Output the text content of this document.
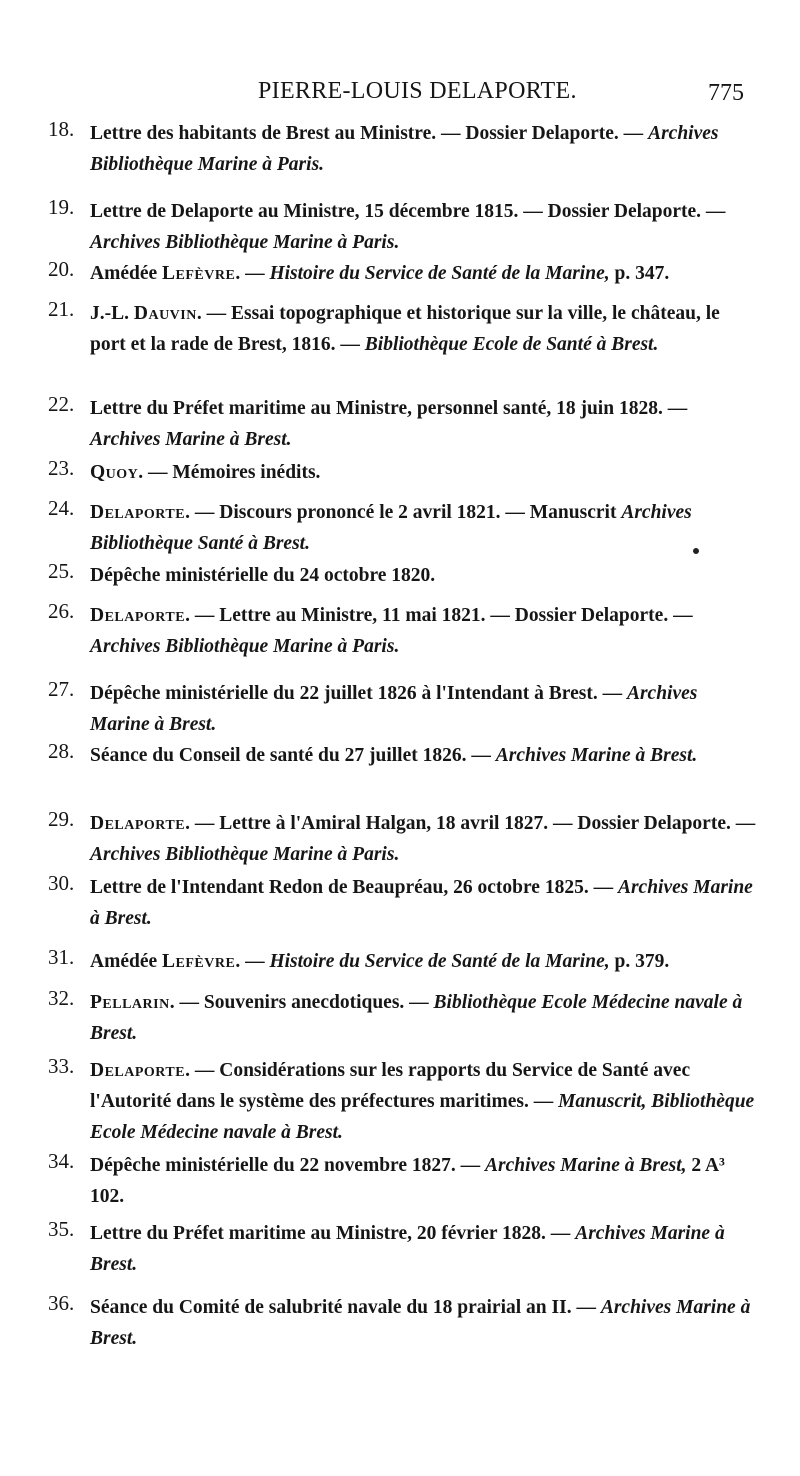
PIERRE-LOUIS DELAPORTE.	775
18. Lettre des habitants de Brest au Ministre. — Dossier Delaporte. — Archives Bibliothèque Marine à Paris.
19. Lettre de Delaporte au Ministre, 15 décembre 1815. — Dossier Delaporte. — Archives Bibliothèque Marine à Paris.
20. Amédée Lefèvre. — Histoire du Service de Santé de la Marine, p. 347.
21. J.-L. Dauvin. — Essai topographique et historique sur la ville, le château, le port et la rade de Brest, 1816. — Bibliothèque Ecole de Santé à Brest.
22. Lettre du Préfet maritime au Ministre, personnel santé, 18 juin 1828. — Archives Marine à Brest.
23. Quoy. — Mémoires inédits.
24. Delaporte. — Discours prononcé le 2 avril 1821. — Manuscrit Archives Bibliothèque Santé à Brest.
25. Dépêche ministérielle du 24 octobre 1820.
26. Delaporte. — Lettre au Ministre, 11 mai 1821. — Dossier Delaporte. — Archives Bibliothèque Marine à Paris.
27. Dépêche ministérielle du 22 juillet 1826 à l'Intendant à Brest. — Archives Marine à Brest.
28. Séance du Conseil de santé du 27 juillet 1826. — Archives Marine à Brest.
29. Delaporte. — Lettre à l'Amiral Halgan, 18 avril 1827. — Dossier Delaporte. — Archives Bibliothèque Marine à Paris.
30. Lettre de l'Intendant Redon de Beaupréau, 26 octobre 1825. — Archives Marine à Brest.
31. Amédée Lefèvre. — Histoire du Service de Santé de la Marine, p. 379.
32. Pellarin. — Souvenirs anecdotiques. — Bibliothèque Ecole Médecine navale à Brest.
33. Delaporte. — Considérations sur les rapports du Service de Santé avec l'Autorité dans le système des préfectures maritimes. — Manuscrit, Bibliothèque Ecole Médecine navale à Brest.
34. Dépêche ministérielle du 22 novembre 1827. — Archives Marine à Brest, 2 A³ 102.
35. Lettre du Préfet maritime au Ministre, 20 février 1828. — Archives Marine à Brest.
36. Séance du Comité de salubrité navale du 18 prairial an II. — Archives Marine à Brest.
